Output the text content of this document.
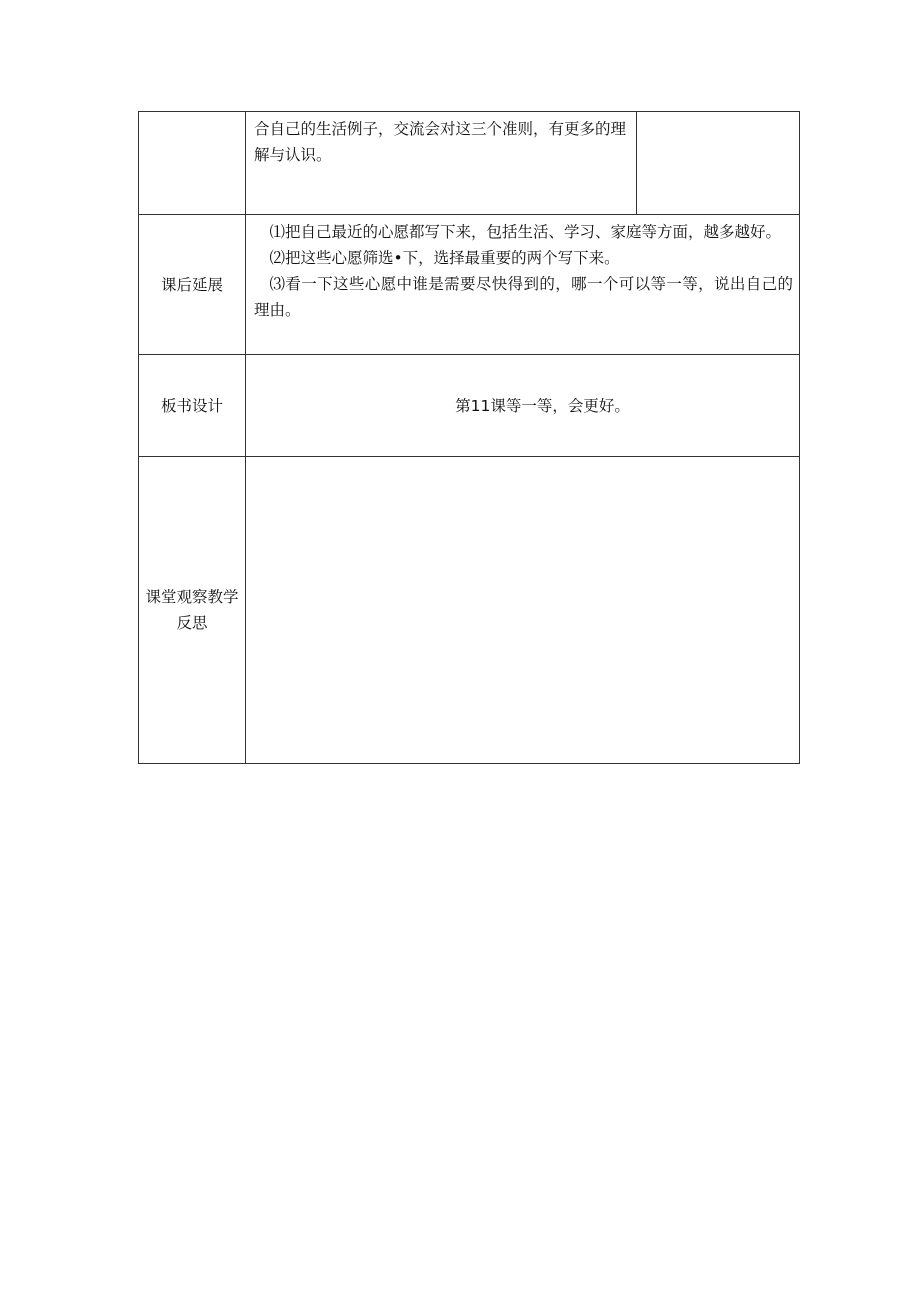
	合自己的生活例子，交流会对这三个准则，有更多的理解与认识。	

课后延展	⑴把自己最近的心愿都写下来，包括生活、学习、家庭等方面，越多越好。
⑵把这些心愿筛选•下，选择最重要的两个写下来。
⑶看一下这些心愿中谁是需要尽快得到的，哪一个可以等一等，说出自己的理由。	

板书设计	第11课等一等，会更好。	
课堂观察教学反思		
